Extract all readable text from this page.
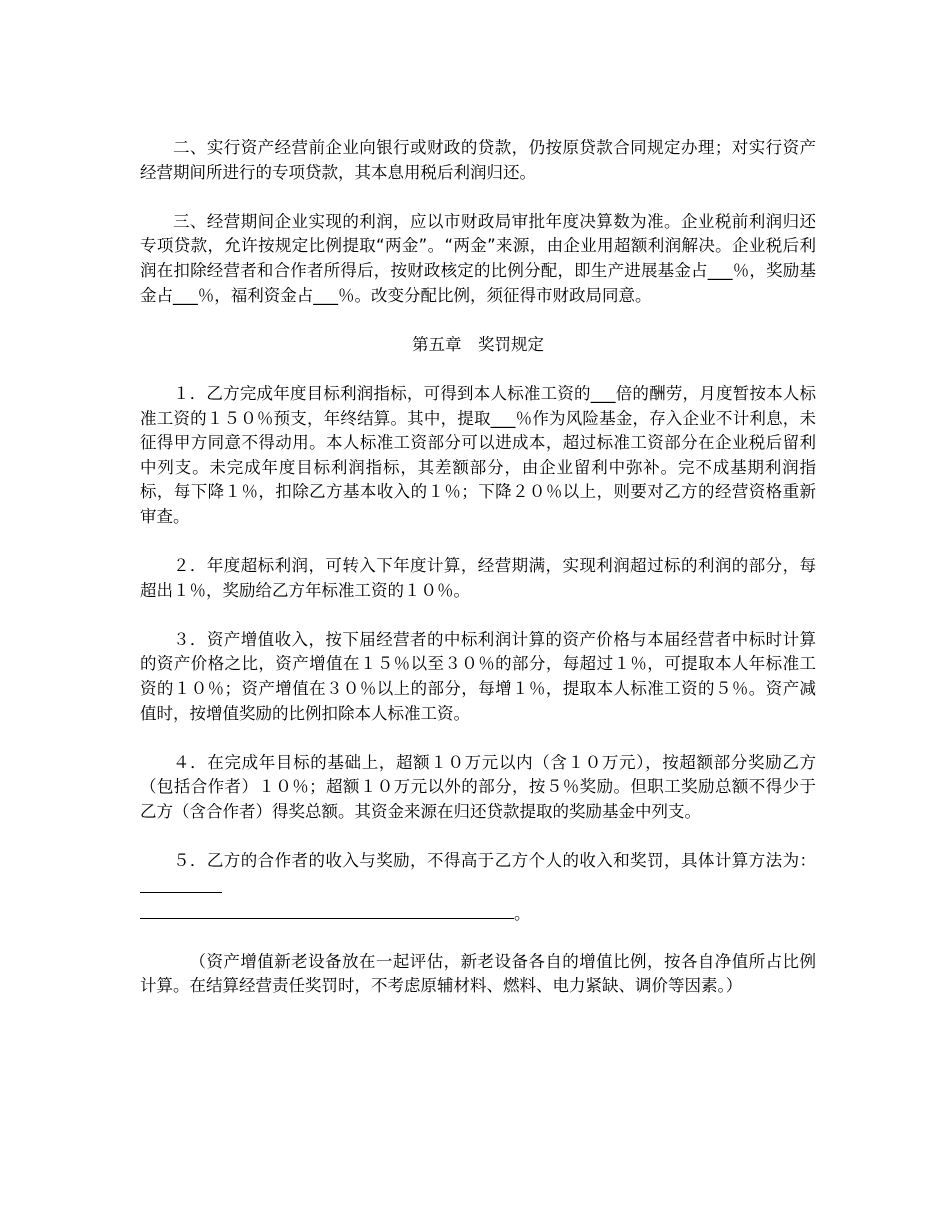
二、实行资产经营前企业向银行或财政的贷款，仍按原贷款合同规定办理；对实行资产经营期间所进行的专项贷款，其本息用税后利润归还。

三、经营期间企业实现的利润，应以市财政局审批年度决算数为准。企业税前利润归还专项贷款，允许按规定比例提取“两金”。“两金”来源，由企业用超额利润解决。企业税后利润在扣除经营者和合作者所得后，按财政核定的比例分配，即生产进展基金占___％，奖励基金占___％，福利资金占___％。改变分配比例，须征得市财政局同意。

第五章　奖罚规定

１．乙方完成年度目标利润指标，可得到本人标准工资的___倍的酬劳，月度暂按本人标准工资的１５０％预支，年终结算。其中，提取___％作为风险基金，存入企业不计利息，未征得甲方同意不得动用。本人标准工资部分可以进成本，超过标准工资部分在企业税后留利中列支。未完成年度目标利润指标，其差额部分，由企业留利中弥补。完不成基期利润指标，每下降１％，扣除乙方基本收入的１％；下降２０％以上，则要对乙方的经营资格重新审查。

２．年度超标利润，可转入下年度计算，经营期满，实现利润超过标的利润的部分，每超出１％，奖励给乙方年标准工资的１０％。

３．资产增值收入，按下届经营者的中标利润计算的资产价格与本届经营者中标时计算的资产价格之比，资产增值在１５％以至３０％的部分，每超过１％，可提取本人年标准工资的１０％；资产增值在３０％以上的部分，每增１％，提取本人标准工资的５％。资产减值时，按增值奖励的比例扣除本人标准工资。

４．在完成年目标的基础上，超额１０万元以内（含１０万元），按超额部分奖励乙方（包括合作者）１０％；超额１０万元以外的部分，按５％奖励。但职工奖励总额不得少于乙方（含合作者）得奖总额。其资金来源在归还贷款提取的奖励基金中列支。

５．乙方的合作者的收入与奖励，不得高于乙方个人的收入和奖罚，具体计算方法为：

。

（资产增值新老设备放在一起评估，新老设备各自的增值比例，按各自净值所占比例计算。在结算经营责任奖罚时，不考虑原辅材料、燃料、电力紧缺、调价等因素。）
